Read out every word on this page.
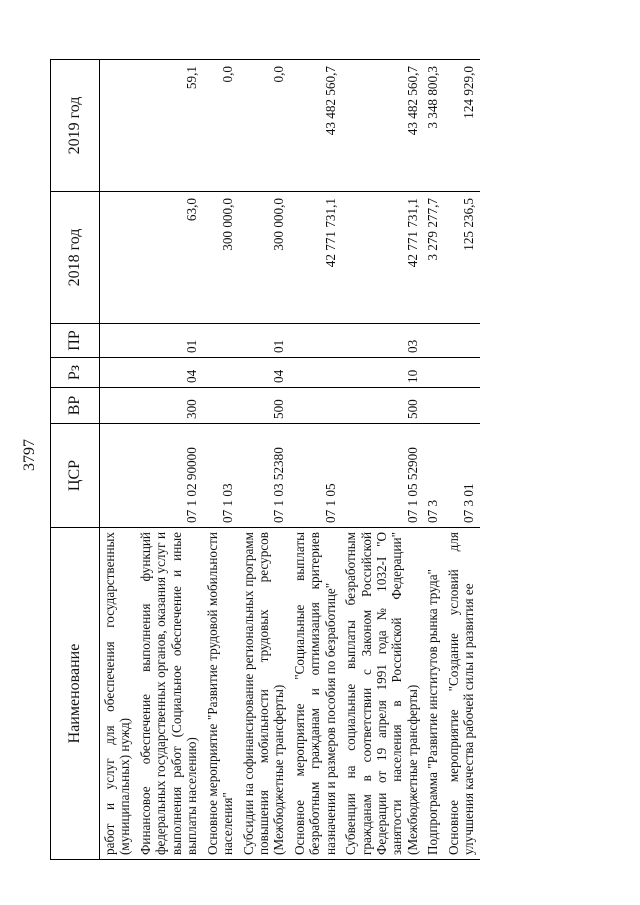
3797
Наименование	ЦСР	ВР	Рз	ПР	2018 год	2019 год
работ и услуг для обеспечения государственных (муниципальных) нужд)						
Финансовое обеспечение выполнения функций федеральных государственных органов, оказания услуг и выполнения работ (Социальное обеспечение и иные выплаты населению)	07 1 02 90000	300	04	01	63,0	59,1
Основное мероприятие "Развитие трудовой мобильности населения"	07 1 03				300 000,0	0,0
Субсидии на софинансирование региональных программ повышения мобильности трудовых ресурсов (Межбюджетные трансферты)	07 1 03 52380	500	04	01	300 000,0	0,0
Основное мероприятие "Социальные выплаты безработным гражданам и оптимизация критериев назначения и размеров пособия по безработице"	07 1 05				42 771 731,1	43 482 560,7
Субвенции на социальные выплаты безработным гражданам в соответствии с Законом Российской Федерации от 19 апреля 1991 года № 1032-I "О занятости населения в Российской Федерации" (Межбюджетные трансферты)	07 1 05 52900	500	10	03	42 771 731,1	43 482 560,7
Подпрограмма "Развитие институтов рынка труда"	07 3				3 279 277,7	3 348 800,3
Основное мероприятие "Создание условий для улучшения качества рабочей силы и развития ее	07 3 01				125 236,5	124 929,0
